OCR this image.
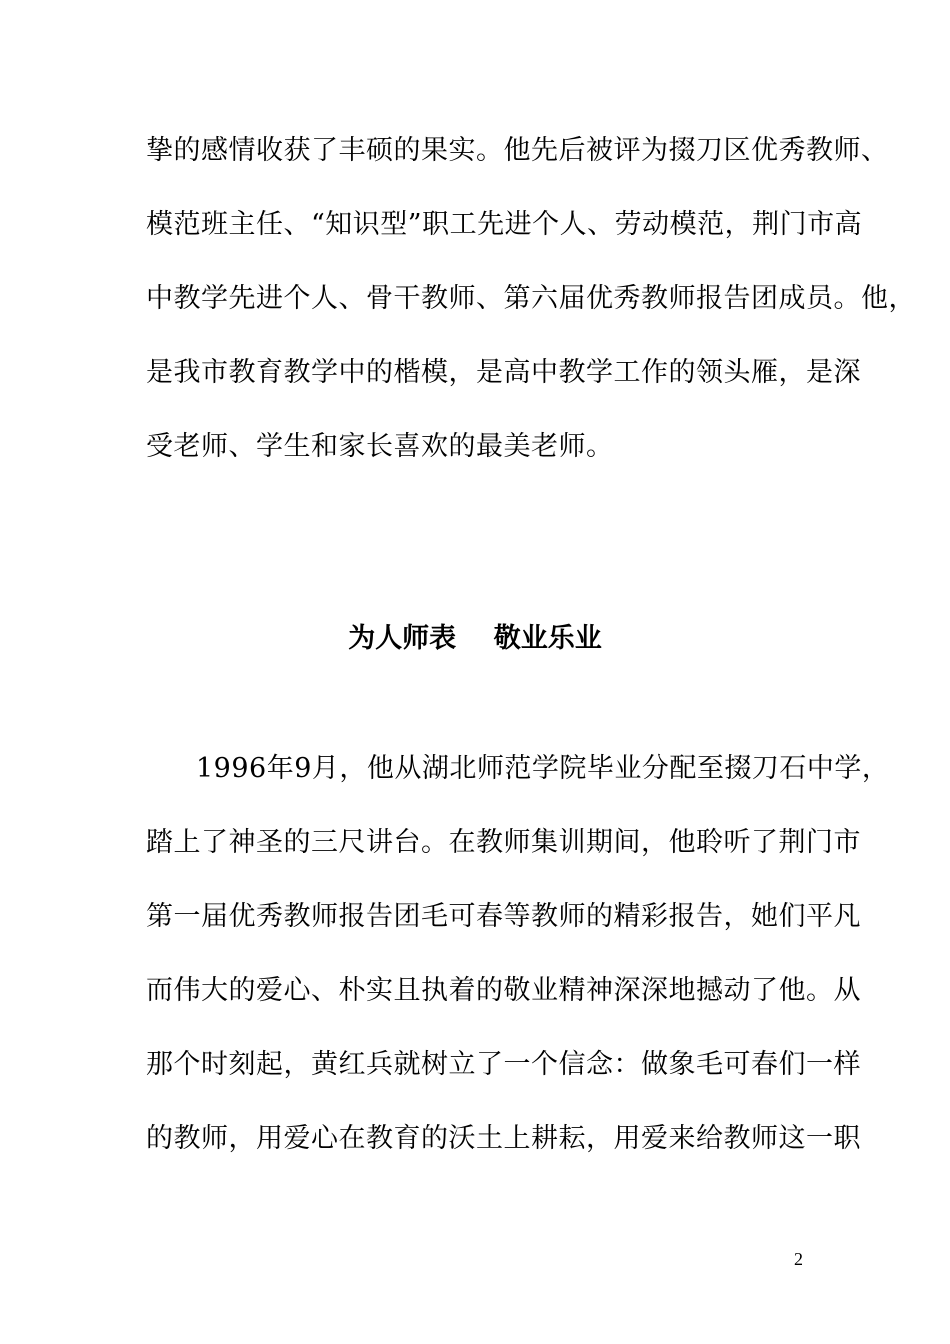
挚的感情收获了丰硕的果实。他先后被评为掇刀区优秀教师、
模范班主任、“知识型”职工先进个人、劳动模范，荆门市高
中教学先进个人、骨干教师、第六届优秀教师报告团成员。他，
是我市教育教学中的楷模，是高中教学工作的领头雁，是深
受老师、学生和家长喜欢的最美老师。
为人师表    敬业乐业
1996年9月，他从湖北师范学院毕业分配至掇刀石中学，
踏上了神圣的三尺讲台。在教师集训期间，他聆听了荆门市
第一届优秀教师报告团毛可春等教师的精彩报告，她们平凡
而伟大的爱心、朴实且执着的敬业精神深深地撼动了他。从
那个时刻起，黄红兵就树立了一个信念：做象毛可春们一样
的教师，用爱心在教育的沃土上耕耘，用爱来给教师这一职
2
